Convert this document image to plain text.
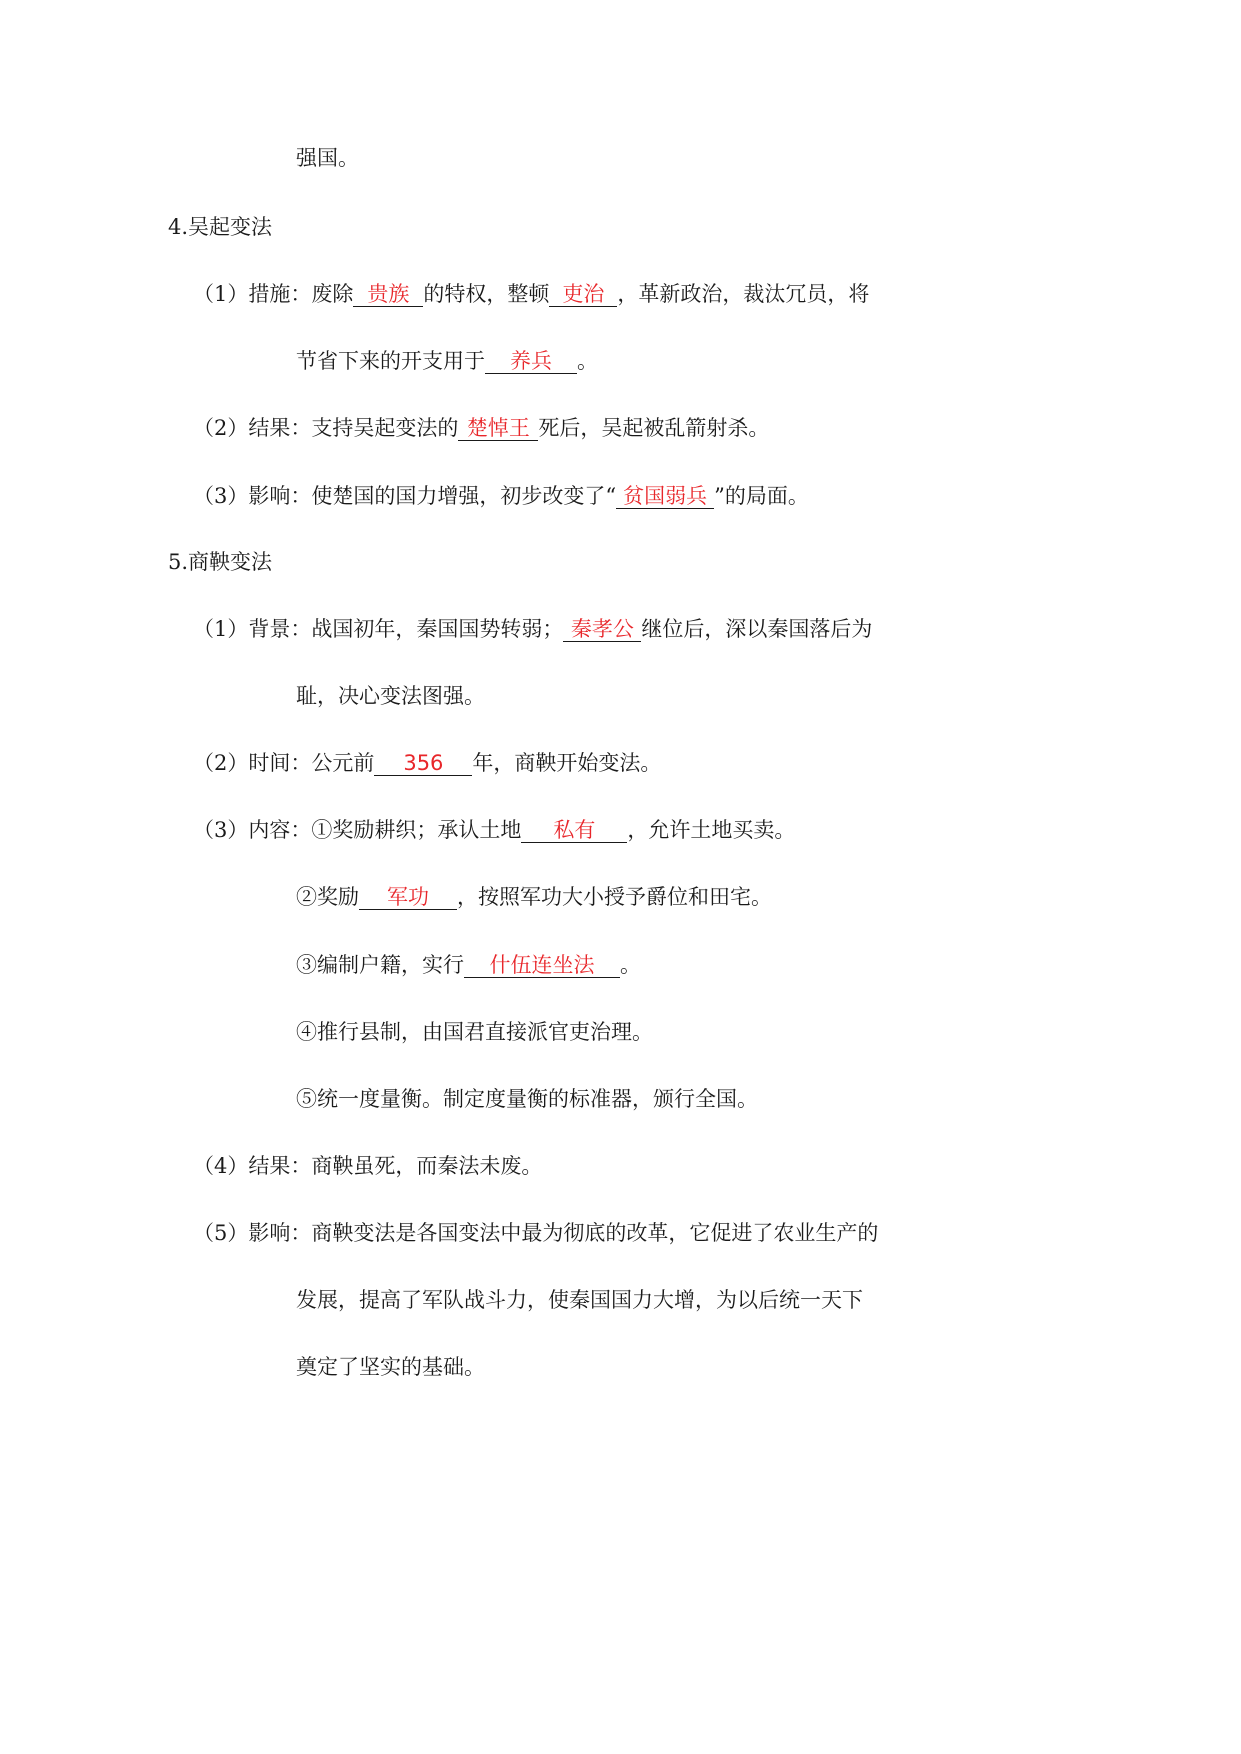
强国。
4.吴起变法
（1）措施：废除 贵族 的特权，整顿 吏治 ，革新政治，裁汰冗员，将
节省下来的开支用于 养兵 。
（2）结果：支持吴起变法的 楚悼王 死后，吴起被乱箭射杀。
（3）影响：使楚国的国力增强，初步改变了“ 贫国弱兵 ”的局面。
5.商鞅变法
（1）背景：战国初年，秦国国势转弱； 秦孝公 继位后，深以秦国落后为
耻，决心变法图强。
（2）时间：公元前 356 年，商鞅开始变法。
（3）内容：①奖励耕织；承认土地 私有 ，允许土地买卖。
②奖励 军功 ，按照军功大小授予爵位和田宅。
③编制户籍，实行 什伍连坐法 。
④推行县制，由国君直接派官吏治理。
⑤统一度量衡。制定度量衡的标准器，颁行全国。
（4）结果：商鞅虽死，而秦法未废。
（5）影响：商鞅变法是各国变法中最为彻底的改革，它促进了农业生产的
发展，提高了军队战斗力，使秦国国力大增，为以后统一天下
奠定了坚实的基础。
